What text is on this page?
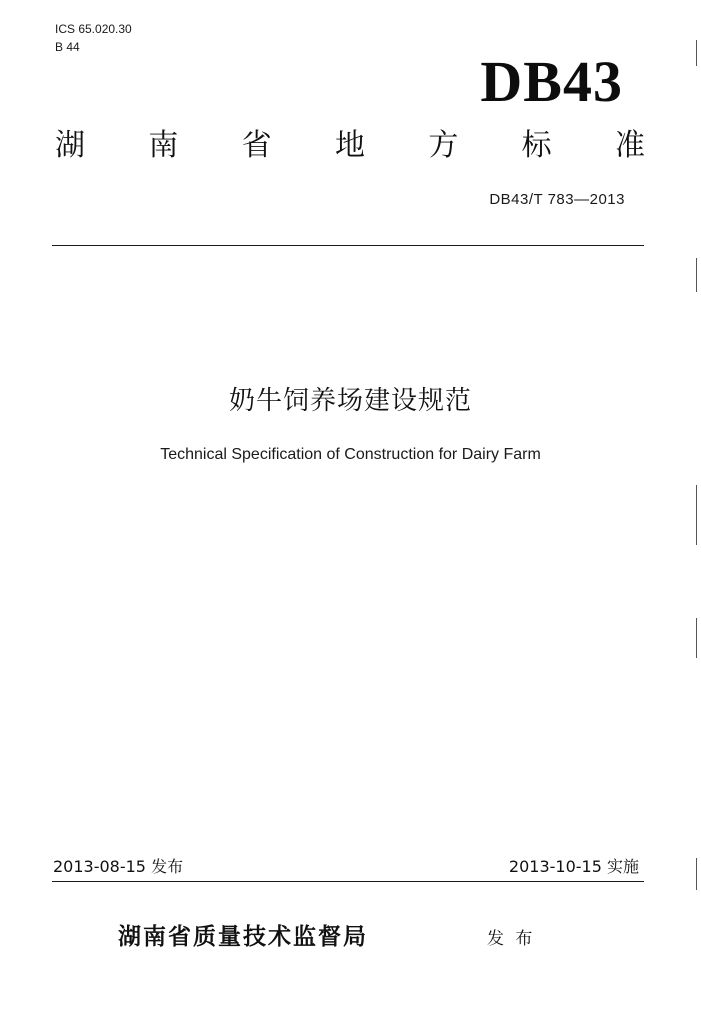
ICS 65.020.30
B 44
DB43
湖 南 省 地 方 标 准
DB43/T 783—2013
奶牛饲养场建设规范
Technical Specification of Construction for Dairy Farm
2013-08-15 发布	2013-10-15 实施
湖南省质量技术监督局	发 布
